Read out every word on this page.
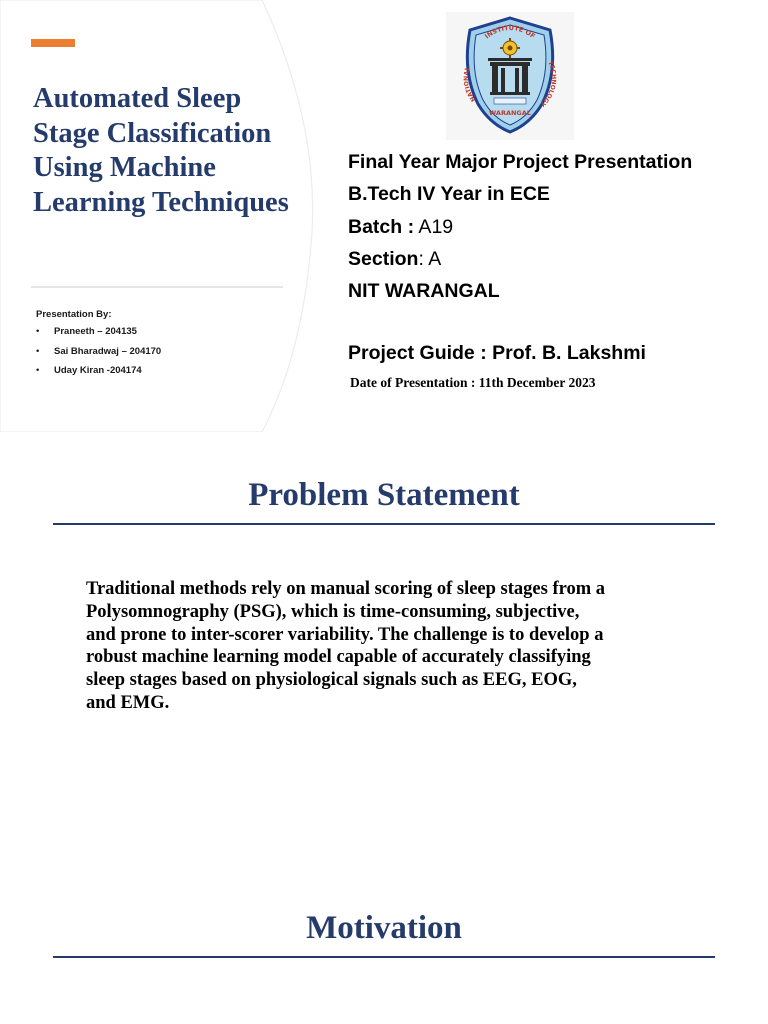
Automated Sleep
Stage Classification
Using Machine
Learning Techniques
Presentation By:
• Praneeth – 204135
• Sai Bharadwaj – 204170
• Uday Kiran -204174
INSTITUTE OF
NATIONAL
TECHNOLOGY
WARANGAL
Final Year Major Project Presentation
B.Tech IV Year in ECE
Batch : A19
Section: A
NIT WARANGAL
Project Guide : Prof. B. Lakshmi
Date of Presentation : 11th December 2023
Problem Statement
Traditional methods rely on manual scoring of sleep stages from a
Polysomnography (PSG), which is time-consuming, subjective,
and prone to inter-scorer variability. The challenge is to develop a
robust machine learning model capable of accurately classifying
sleep stages based on physiological signals such as EEG, EOG,
and EMG.
Motivation
